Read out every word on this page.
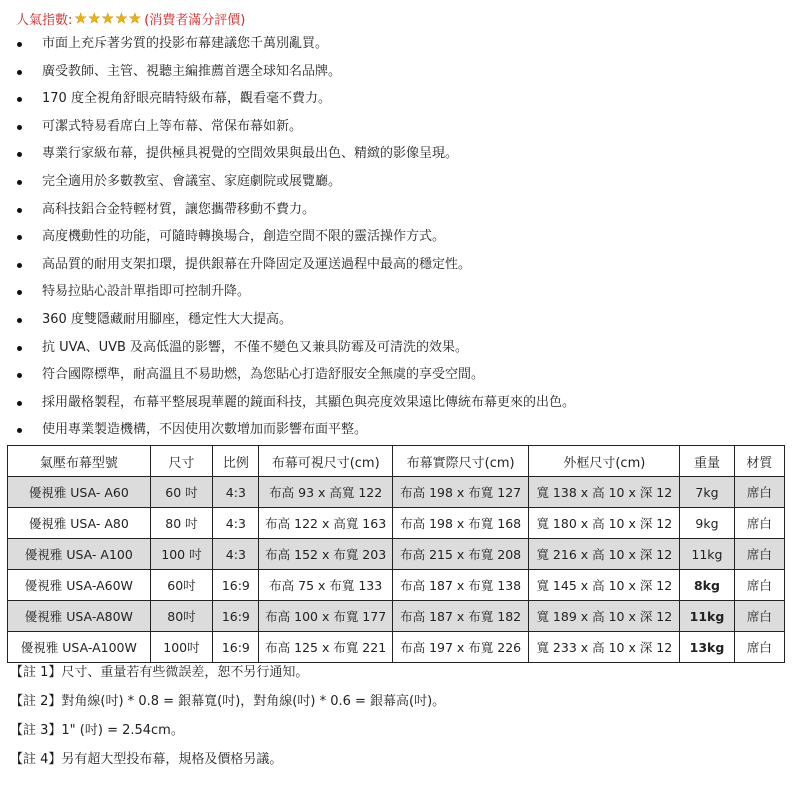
人氣指數: ★ ★ ★ ★ ★ (消費者滿分評價)
市面上充斥著劣質的投影布幕建議您千萬別亂買。
廣受教師、主管、視聽主編推薦首選全球知名品牌。
170 度全視角舒眼亮睛特級布幕，觀看毫不費力。
可潔式特易看席白上等布幕、常保布幕如新。
專業行家級布幕，提供極具視覺的空間效果與最出色、精緻的影像呈現。
完全適用於多數教室、會議室、家庭劇院或展覽廳。
高科技鋁合金特輕材質，讓您攜帶移動不費力。
高度機動性的功能，可隨時轉換場合，創造空間不限的靈活操作方式。
高品質的耐用支架扣環，提供銀幕在升降固定及運送過程中最高的穩定性。
特易拉貼心設計單指即可控制升降。
360 度雙隱藏耐用腳座，穩定性大大提高。
抗 UVA、UVB 及高低溫的影響，不僅不變色又兼具防霉及可清洗的效果。
符合國際標準，耐高溫且不易助燃，為您貼心打造舒服安全無虞的享受空間。
採用嚴格製程，布幕平整展現華麗的鏡面科技，其顯色與亮度效果遠比傳統布幕更來的出色。
使用專業製造機構，不因使用次數增加而影響布面平整。
氣壓布幕型號	尺寸	比例	布幕可視尺寸(cm)	布幕實際尺寸(cm)	外框尺寸(cm)	重量	材質
優視雅 USA- A60	60 吋	4:3	布高 93 x 高寬 122	布高 198 x 布寬 127	寬 138 x 高 10 x 深 12	7kg	席白
優視雅 USA- A80	80 吋	4:3	布高 122 x 高寬 163	布高 198 x 布寬 168	寬 180 x 高 10 x 深 12	9kg	席白
優視雅 USA- A100	100 吋	4:3	布高 152 x 布寬 203	布高 215 x 布寬 208	寬 216 x 高 10 x 深 12	11kg	席白
優視雅 USA-A60W	60吋	16:9	布高 75 x 布寬 133	布高 187 x 布寬 138	寬 145 x 高 10 x 深 12	8kg	席白
優視雅 USA-A80W	80吋	16:9	布高 100 x 布寬 177	布高 187 x 布寬 182	寬 189 x 高 10 x 深 12	11kg	席白
優視雅 USA-A100W	100吋	16:9	布高 125 x 布寬 221	布高 197 x 布寬 226	寬 233 x 高 10 x 深 12	13kg	席白
【註 1】尺寸、重量若有些微誤差，恕不另行通知。
【註 2】對角線(吋) * 0.8 = 銀幕寬(吋)，對角線(吋) * 0.6 = 銀幕高(吋)。
【註 3】1" (吋) = 2.54cm。
【註 4】另有超大型投布幕，規格及價格另議。
